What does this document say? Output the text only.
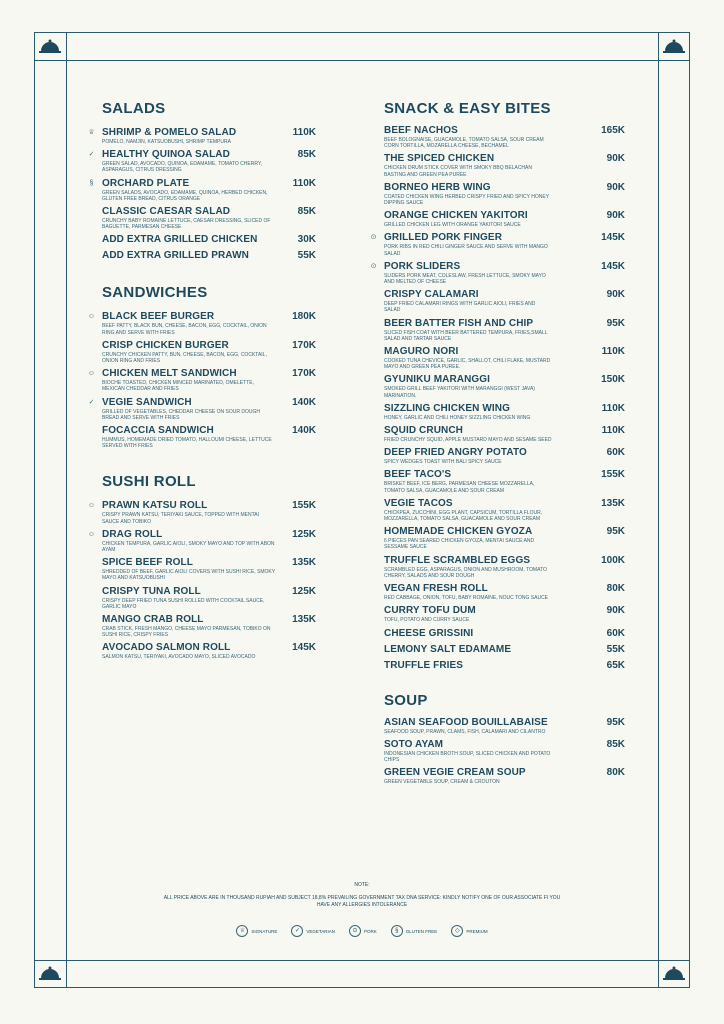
SALADS
♕ SHRIMP & POMELO SALAD	110K
POMELO, NAMJIN, KATSUOBUSHI, SHRIMP TEMPURA
✓ HEALTHY QUINOA SALAD	85K
GREEN SALAD, AVOCADO, QUINOA, EDAMAME, TOMATO CHERRY, ASPARAGUS, CITRUS DRESSING
§ ORCHARD PLATE	110K
GREEN SALADS, AVOCADO, EDAMAME, QUINOA, HERBED CHICKEN, GLUTEN FREE BREAD, CITRUS ORANGE
CLASSIC CAESAR SALAD	85K
CRUNCHY BABY ROMAINE LETTUCE, CAESAR DRESSING, SLICED OF BAGUETTE, PARMESAN CHEESE
ADD EXTRA GRILLED CHICKEN	30K
ADD EXTRA GRILLED PRAWN	55K
SANDWICHES
☺ BLACK BEEF BURGER	180K
BEEF PATTY, BLACK BUN, CHEESE, BACON, EGG, COCKTAIL, ONION RING AND SERVE WITH FRIES
CRISP CHICKEN BURGER	170K
CRUNCHY CHICKEN PATTY, BUN, CHEESE, BACON, EGG, COCKTAIL, ONION RING AND FRIES
☺ CHICKEN MELT SANDWICH	170K
BIOCHE TOASTED, CHICKEN MINCED MARINATED, OMELETTE, MEXICAN CHEDDAR AND FRIES
✓ VEGIE SANDWICH	140K
GRILLED OF VEGETABLES, CHEDDAR CHEESE ON SOUR DOUGH BREAD AND SERVE WITH FRIES
FOCACCIA SANDWICH	140K
HUMMUS, HOMEMADE DRIED TOMATO, HALLOUMI CHEESE, LETTUCE SERVED WITH FRIES
SUSHI ROLL
☺ PRAWN KATSU ROLL	155K
CRISPY PRAWN KATSU, TERIYAKI SAUCE, TOPPED WITH MENTAI SAUCE AND TOBIKO
☺ DRAG ROLL	125K
CHICKEN TEMPURA, GARLIC AIOLI, SMOKY MAYO AND TOP WITH ABON AYAM
SPICE BEEF ROLL	135K
SHREDDED OF BEEF, GARLIC AIOLI COVERS WITH SUSHI RICE, SMOKY MAYO AND KATSUOBUSHI
CRISPY TUNA ROLL	125K
CRISPY DEEP FRIED TUNA SUSHI ROLLED WITH COCKTAIL SAUCE, GARLIC MAYO
MANGO CRAB ROLL	135K
CRAB STICK, FRESH MANGO, CHEESE MAYO PARMESAN, TOBIKO ON SUSHI RICE, CRISPY FRIES
AVOCADO SALMON ROLL	145K
SALMON KATSU, TERIYAKI, AVOCADO MAYO, SLICED AVOCADO
SNACK & EASY BITES
BEEF NACHOS	165K
BEEF BOLOGNAISE, GUACAMOLE, TOMATO SALSA, SOUR CREAM CORN TORTILLA, MOZARELLA CHEESE, BECHAMEL
THE SPICED CHICKEN	90K
CHICKEN DRUM STICK COVER WITH SMOKY BBQ BELACHAN BASTING AND GREEN PEA PUREE
BORNEO HERB WING	90K
COATED CHICKEN WING HERBED CRISPY FRIED AND SPICY HONEY DIPPING SAUCE
ORANGE CHICKEN YAKITORI	90K
GRILLED CHICKEN LEG WITH ORANGE YAKITORI SAUCE
⊙ GRILLED PORK FINGER	145K
PORK RIBS IN RED CHILI GINGER SAUCE AND SERVE WITH MANGO SALAD
⊙ PORK SLIDERS	145K
SLIDERS PORK MEAT, COLESLAW, FRESH LETTUCE, SMOKY MAYO AND MELTED OF CHEESE
CRISPY CALAMARI	90K
DEEP FRIED CALAMARI RINGS WITH GARLIC AIOLI, FRIES AND SALAD
BEER BATTER FISH AND CHIP	95K
SLICED FISH COAT WITH BEER BATTERED TEMPURA, FRIES,SMALL SALAD AND TARTAR SAUCE
MAGURO NORI	110K
COOKED TUNA CHEVICE, GARLIC, SHALLOT, CHILI FLAKE, MUSTARD MAYO AND GREEN PEA PUREE.
GYUNIKU MARANGGI	150K
SMOKED GRILL BEEF YAKITORI WITH MARANGGI (WEST JAVA) MARINATION.
SIZZLING CHICKEN WING	110K
HONEY, GARLIC AND CHILI HONEY SIZZLING CHICKEN WING
SQUID CRUNCH	110K
FRIED CRUNCHY SQUID, APPLE MUSTARD MAYO AND SESAME SEED
DEEP FRIED ANGRY POTATO	60K
SPICY WEDGES TOAST WITH BALI SPICY SAUCE
BEEF TACO'S	155K
BRISKET BEEF, ICE BERG, PARMESAN CHEESE MOZZARELLA, TOMATO SALSA, GUACAMOLE AND SOUR CREAM
VEGIE TACOS	135K
CHICKPEA, ZUCCHINI, EGG PLANT, CAPSICUM, TORTILLA FLOUR, MOZZARELLA, TOMATO SALSA, GUACAMOLE AND SOUR CREAM
HOMEMADE CHICKEN GYOZA	95K
6 PIECES PAN SEARED CHICKEN GYOZA, MENTAI SAUCE AND SESSAME SAUCE
TRUFFLE SCRAMBLED EGGS	100K
SCRAMBLED EGG, ASPARAGUS, ONION AND MUSHROOM, TOMATO CHERRY, SALADS AND SOUR DOUGH
VEGAN FRESH ROLL	80K
RED CABBAGE, ONION, TOFU, BABY ROMAINE, NOUC TONG SAUCE
CURRY TOFU DUM	90K
TOFU, POTATO AND CURRY SAUCE
CHEESE GRISSINI	60K
LEMONY SALT EDAMAME	55K
TRUFFLE FRIES	65K
SOUP
ASIAN SEAFOOD BOUILLABAISE	95K
SEAFOOD SOUP, PRAWN, CLAMS, FISH, CALAMARI AND CILANTRO
SOTO AYAM	85K
INDONESIAN CHICKEN BROTH SOUP, SLICED CHICKEN AND POTATO CHIPS
GREEN VEGIE CREAM SOUP	80K
GREEN VEGETABLE SOUP, CREAM & CROUTON
NOTE:
ALL PRICE ABOVE ARE IN THOUSAND RUPIAH AND SUBJECT 18,8% PREVAILING GOVERNMENT TAX DNA SERVICE: KINDLY NOTIFY ONE OF OUR ASSOCIATE FI YOU HAVE ANY ALLERGIES INTOLERANCE
♕	SIGNATURE	✓	VEGETARIAN	⊙	PORK	§	GLUTEN FREE	◇	PREMIUM
